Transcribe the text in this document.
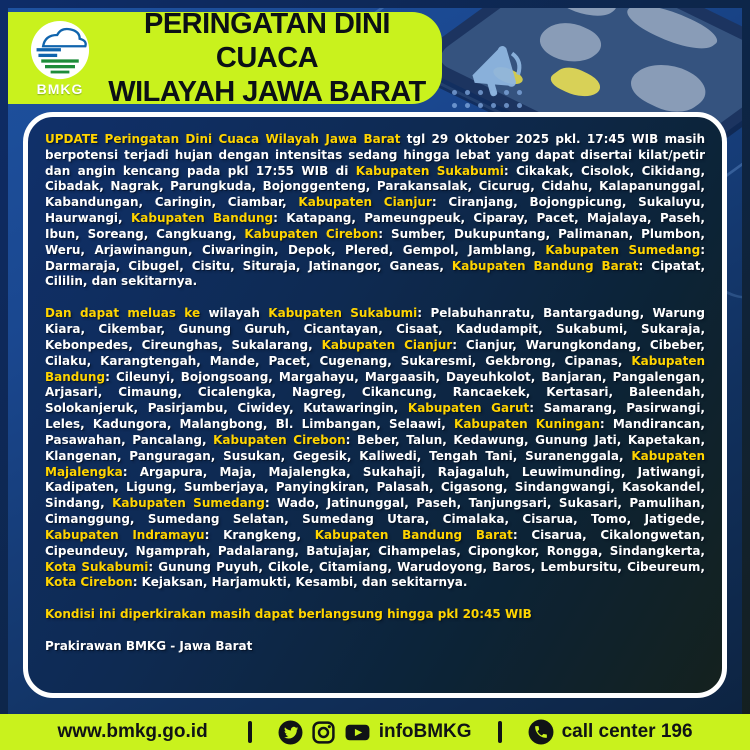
BMKG
PERINGATAN DINI CUACA
WILAYAH JAWA BARAT

UPDATE Peringatan Dini Cuaca Wilayah Jawa Barat tgl 29 Oktober 2025 pkl. 17:45 WIB masih berpotensi terjadi hujan dengan intensitas sedang hingga lebat yang dapat disertai kilat/petir dan angin kencang pada pkl 17:55 WIB di Kabupaten Sukabumi: Cikakak, Cisolok, Cikidang, Cibadak, Nagrak, Parungkuda, Bojonggenteng, Parakansalak, Cicurug, Cidahu, Kalapanunggal, Kabandungan, Caringin, Ciambar, Kabupaten Cianjur: Ciranjang, Bojongpicung, Sukaluyu, Haurwangi, Kabupaten Bandung: Katapang, Pameungpeuk, Ciparay, Pacet, Majalaya, Paseh, Ibun, Soreang, Cangkuang, Kabupaten Cirebon: Sumber, Dukupuntang, Palimanan, Plumbon, Weru, Arjawinangun, Ciwaringin, Depok, Plered, Gempol, Jamblang, Kabupaten Sumedang: Darmaraja, Cibugel, Cisitu, Situraja, Jatinangor, Ganeas, Kabupaten Bandung Barat: Cipatat, Cililin, dan sekitarnya.

Dan dapat meluas ke wilayah Kabupaten Sukabumi: Pelabuhanratu, Bantargadung, Warung Kiara, Cikembar, Gunung Guruh, Cicantayan, Cisaat, Kadudampit, Sukabumi, Sukaraja, Kebonpedes, Cireunghas, Sukalarang, Kabupaten Cianjur: Cianjur, Warungkondang, Cibeber, Cilaku, Karangtengah, Mande, Pacet, Cugenang, Sukaresmi, Gekbrong, Cipanas, Kabupaten Bandung: Cileunyi, Bojongsoang, Margahayu, Margaasih, Dayeuhkolot, Banjaran, Pangalengan, Arjasari, Cimaung, Cicalengka, Nagreg, Cikancung, Rancaekek, Kertasari, Baleendah, Solokanjeruk, Pasirjambu, Ciwidey, Kutawaringin, Kabupaten Garut: Samarang, Pasirwangi, Leles, Kadungora, Malangbong, Bl. Limbangan, Selaawi, Kabupaten Kuningan: Mandirancan, Pasawahan, Pancalang, Kabupaten Cirebon: Beber, Talun, Kedawung, Gunung Jati, Kapetakan, Klangenan, Panguragan, Susukan, Gegesik, Kaliwedi, Tengah Tani, Suranenggala, Kabupaten Majalengka: Argapura, Maja, Majalengka, Sukahaji, Rajagaluh, Leuwimunding, Jatiwangi, Kadipaten, Ligung, Sumberjaya, Panyingkiran, Palasah, Cigasong, Sindangwangi, Kasokandel, Sindang, Kabupaten Sumedang: Wado, Jatinunggal, Paseh, Tanjungsari, Sukasari, Pamulihan, Cimanggung, Sumedang Selatan, Sumedang Utara, Cimalaka, Cisarua, Tomo, Jatigede, Kabupaten Indramayu: Krangkeng, Kabupaten Bandung Barat: Cisarua, Cikalongwetan, Cipeundeuy, Ngamprah, Padalarang, Batujajar, Cihampelas, Cipongkor, Rongga, Sindangkerta, Kota Sukabumi: Gunung Puyuh, Cikole, Citamiang, Warudoyong, Baros, Lembursitu, Cibeureum, Kota Cirebon: Kejaksan, Harjamukti, Kesambi, dan sekitarnya.

Kondisi ini diperkirakan masih dapat berlangsung hingga pkl 20:45 WIB

Prakirawan BMKG - Jawa Barat

www.bmkg.go.id	infoBMKG	call center 196
